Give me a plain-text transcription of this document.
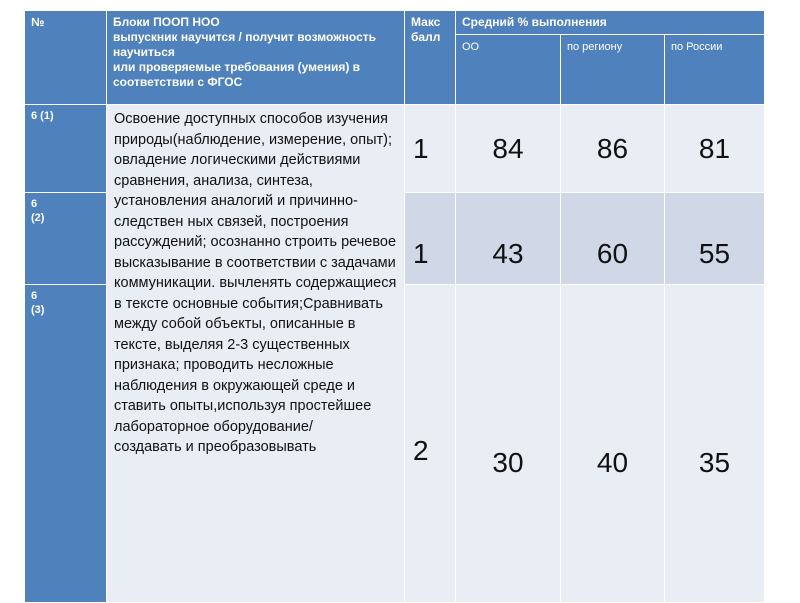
№	Блоки ПООП НОО
выпускник научится / получит возможность научиться
или проверяемые требования (умения) в соответствии с ФГОС	Макс балл	Средний % выполнения		
			ОО	по региону	по России
6 (1)	Освоение доступных способов изучения природы(наблюдение, измерение, опыт); овладение логическими действиями сравнения, анализа, синтеза, установления аналогий и причинно-следствен ных связей, построения рассуждений; осознанно строить речевое высказывание в соответствии с задачами коммуникации. вычленять содержащиеся в тексте основные события;Сравнивать между собой объекты, описанные в тексте, выделяя 2-3 существенных признака; проводить несложные наблюдения в окружающей среде и ставить опыты,используя простейшее лабораторное оборудование/
создавать и преобразовывать	1	84	86	81
6
(2)		1	43	60	55
6
(3)		2	30	40	35
